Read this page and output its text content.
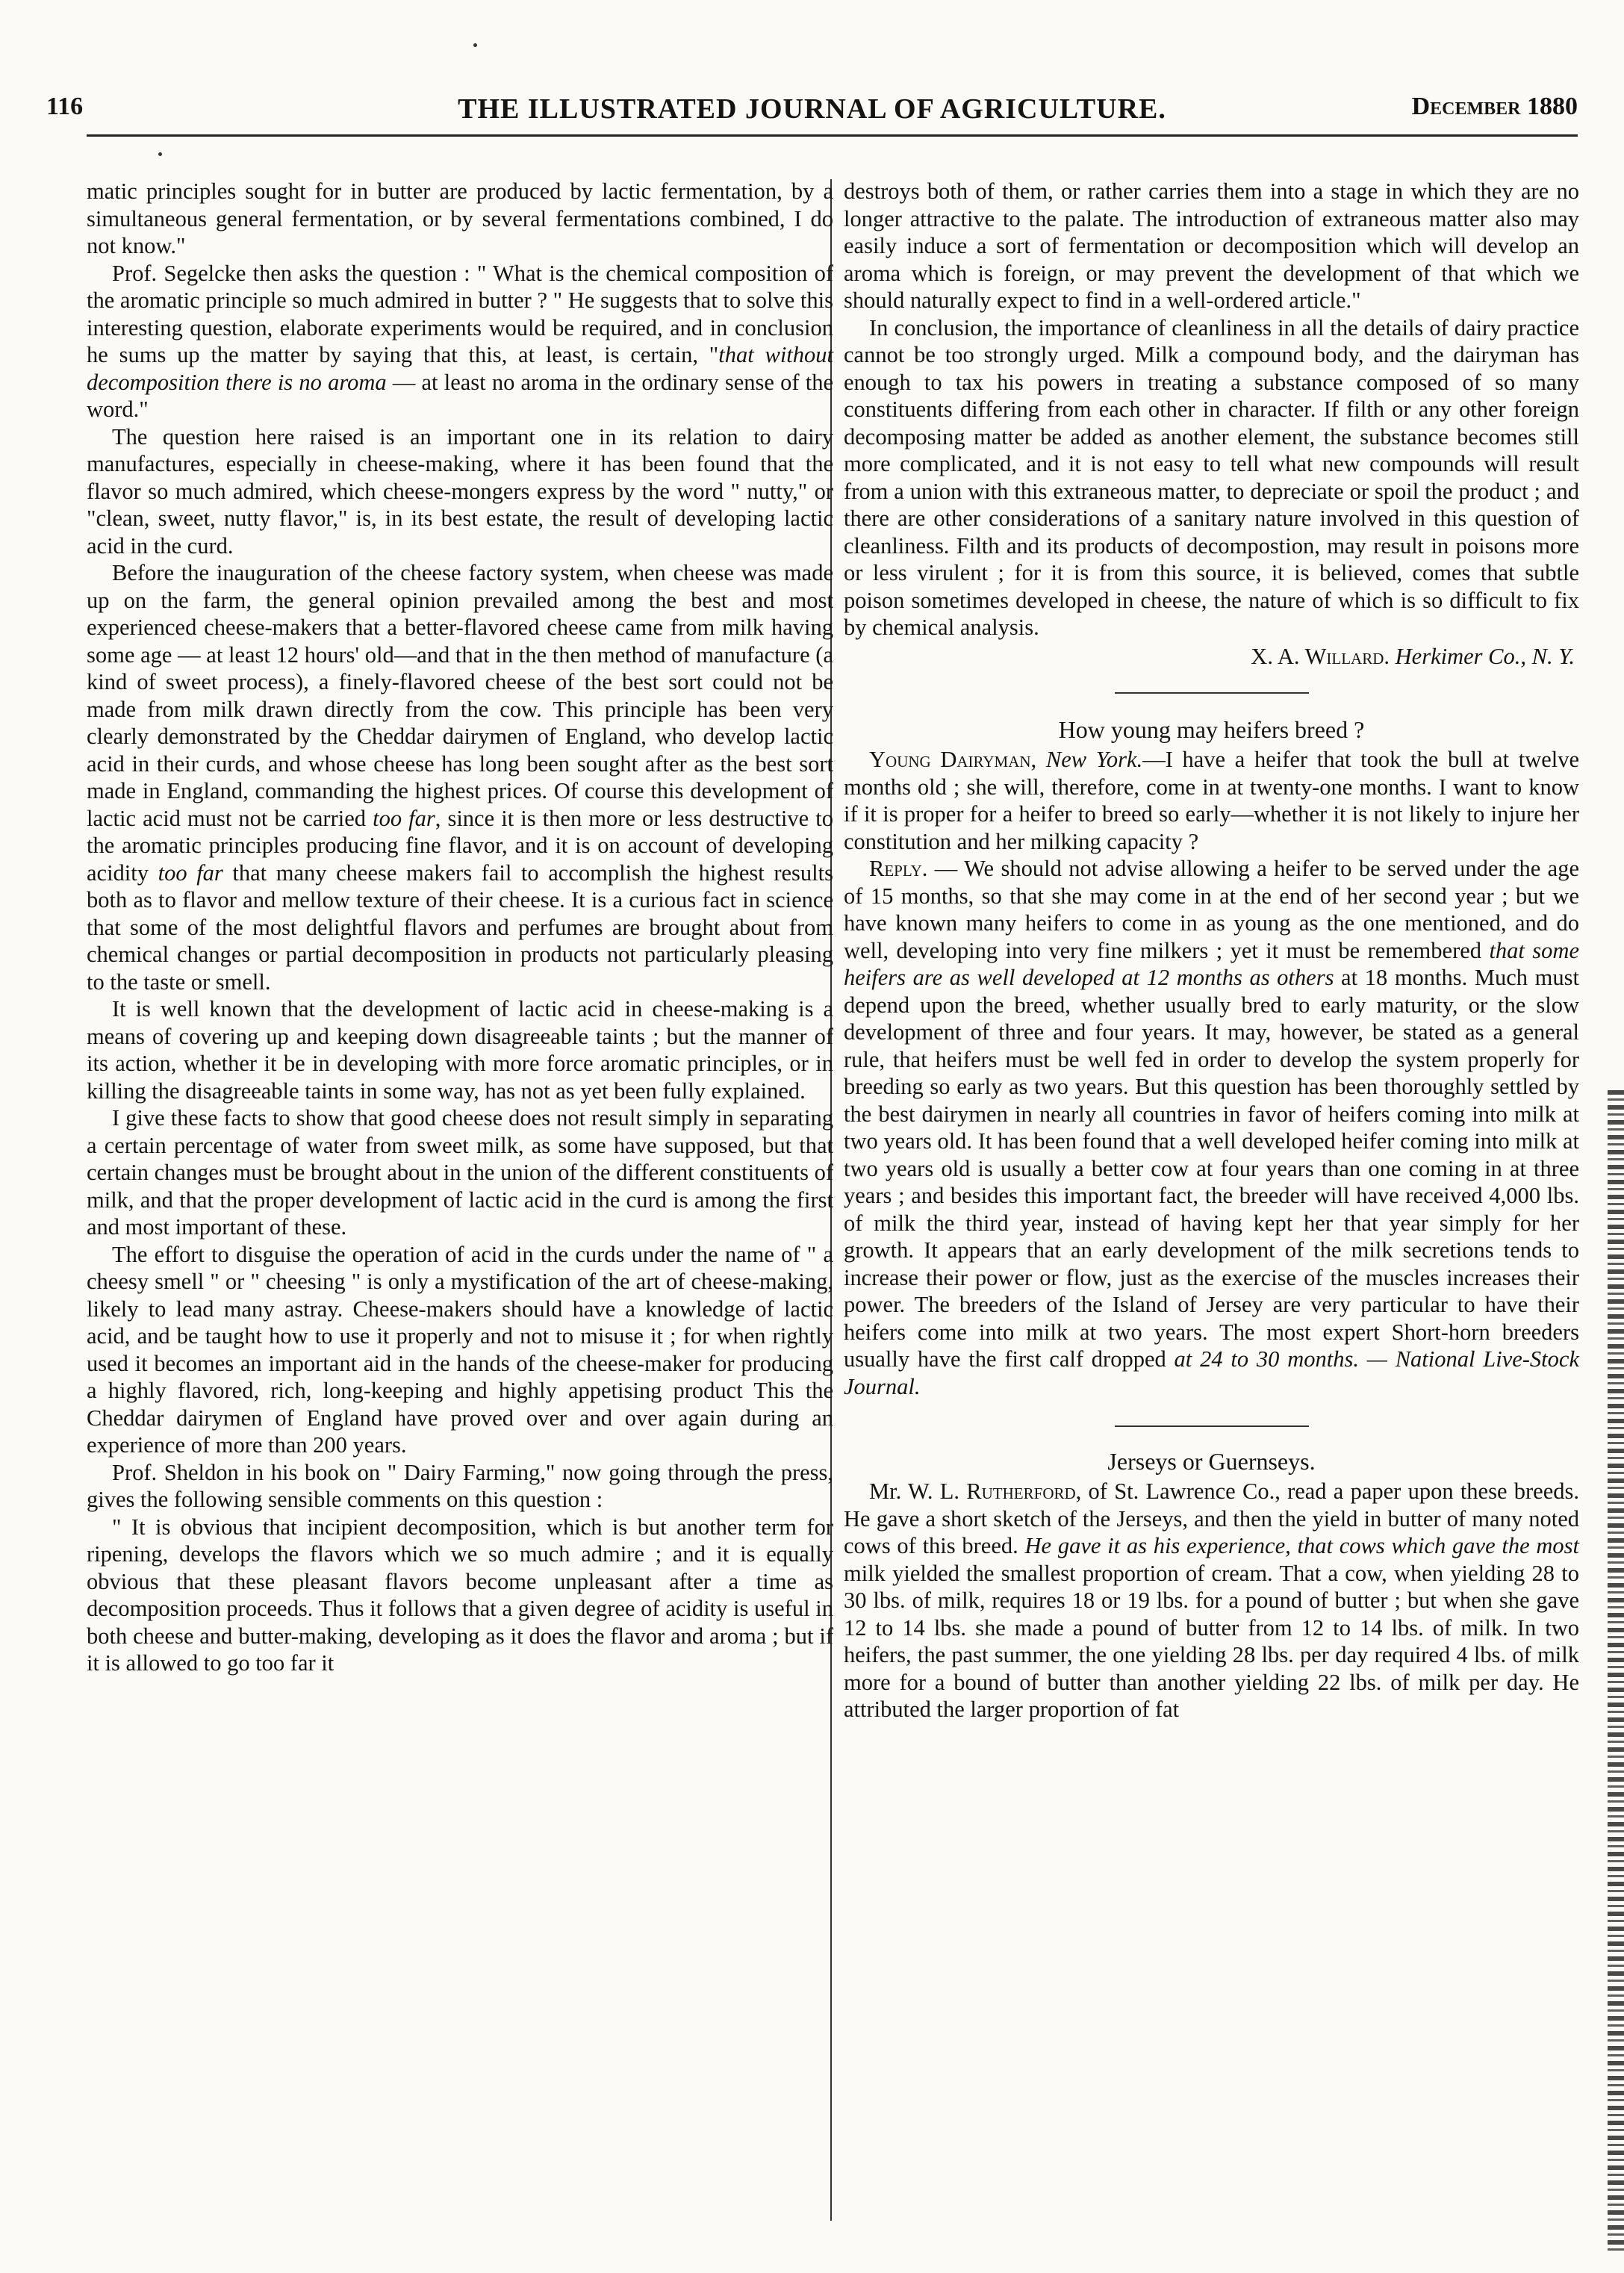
116	THE ILLUSTRATED JOURNAL OF AGRICULTURE.	December 1880

matic principles sought for in butter are produced by lactic fermentation, by a simultaneous general fermentation, or by several fermentations combined, I do not know."

Prof. Segelcke then asks the question : " What is the chemical composition of the aromatic principle so much admired in butter ? " He suggests that to solve this interesting question, elaborate experiments would be required, and in conclusion he sums up the matter by saying that this, at least, is certain, "that without decomposition there is no aroma — at least no aroma in the ordinary sense of the word."

The question here raised is an important one in its relation to dairy manufactures, especially in cheese-making, where it has been found that the flavor so much admired, which cheese-mongers express by the word " nutty," or "clean, sweet, nutty flavor," is, in its best estate, the result of developing lactic acid in the curd.

Before the inauguration of the cheese factory system, when cheese was made up on the farm, the general opinion prevailed among the best and most experienced cheese-makers that a better-flavored cheese came from milk having some age — at least 12 hours' old—and that in the then method of manufacture (a kind of sweet process), a finely-flavored cheese of the best sort could not be made from milk drawn directly from the cow. This principle has been very clearly demonstrated by the Cheddar dairymen of England, who develop lactic acid in their curds, and whose cheese has long been sought after as the best sort made in England, commanding the highest prices. Of course this development of lactic acid must not be carried too far, since it is then more or less destructive to the aromatic principles producing fine flavor, and it is on account of developing acidity too far that many cheese makers fail to accomplish the highest results both as to flavor and mellow texture of their cheese. It is a curious fact in science that some of the most delightful flavors and perfumes are brought about from chemical changes or partial decomposition in products not particularly pleasing to the taste or smell.

It is well known that the development of lactic acid in cheese-making is a means of covering up and keeping down disagreeable taints ; but the manner of its action, whether it be in developing with more force aromatic principles, or in killing the disagreeable taints in some way, has not as yet been fully explained.

I give these facts to show that good cheese does not result simply in separating a certain percentage of water from sweet milk, as some have supposed, but that certain changes must be brought about in the union of the different constituents of milk, and that the proper development of lactic acid in the curd is among the first and most important of these.

The effort to disguise the operation of acid in the curds under the name of " a cheesy smell " or " cheesing " is only a mystification of the art of cheese-making, likely to lead many astray. Cheese-makers should have a knowledge of lactic acid, and be taught how to use it properly and not to misuse it ; for when rightly used it becomes an important aid in the hands of the cheese-maker for producing a highly flavored, rich, long-keeping and highly appetising product This the Cheddar dairymen of England have proved over and over again during an experience of more than 200 years.

Prof. Sheldon in his book on " Dairy Farming," now going through the press, gives the following sensible comments on this question :

" It is obvious that incipient decomposition, which is but another term for ripening, develops the flavors which we so much admire ; and it is equally obvious that these pleasant flavors become unpleasant after a time as decomposition proceeds. Thus it follows that a given degree of acidity is useful in both cheese and butter-making, developing as it does the flavor and aroma ; but if it is allowed to go too far it

destroys both of them, or rather carries them into a stage in which they are no longer attractive to the palate. The introduction of extraneous matter also may easily induce a sort of fermentation or decomposition which will develop an aroma which is foreign, or may prevent the development of that which we should naturally expect to find in a well-ordered article."

In conclusion, the importance of cleanliness in all the details of dairy practice cannot be too strongly urged. Milk a compound body, and the dairyman has enough to tax his powers in treating a substance composed of so many constituents differing from each other in character. If filth or any other foreign decomposing matter be added as another element, the substance becomes still more complicated, and it is not easy to tell what new compounds will result from a union with this extraneous matter, to depreciate or spoil the product ; and there are other considerations of a sanitary nature involved in this question of cleanliness. Filth and its products of decompostion, may result in poisons more or less virulent ; for it is from this source, it is believed, comes that subtle poison sometimes developed in cheese, the nature of which is so difficult to fix by chemical analysis.

X. A. Willard. Herkimer Co., N. Y.

How young may heifers breed ?

Young Dairyman, New York.—I have a heifer that took the bull at twelve months old ; she will, therefore, come in at twenty-one months. I want to know if it is proper for a heifer to breed so early—whether it is not likely to injure her constitution and her milking capacity ?

Reply. — We should not advise allowing a heifer to be served under the age of 15 months, so that she may come in at the end of her second year ; but we have known many heifers to come in as young as the one mentioned, and do well, developing into very fine milkers ; yet it must be remembered that some heifers are as well developed at 12 months as others at 18 months. Much must depend upon the breed, whether usually bred to early maturity, or the slow development of three and four years. It may, however, be stated as a general rule, that heifers must be well fed in order to develop the system properly for breeding so early as two years. But this question has been thoroughly settled by the best dairymen in nearly all countries in favor of heifers coming into milk at two years old. It has been found that a well developed heifer coming into milk at two years old is usually a better cow at four years than one coming in at three years ; and besides this important fact, the breeder will have received 4,000 lbs. of milk the third year, instead of having kept her that year simply for her growth. It appears that an early development of the milk secretions tends to increase their power or flow, just as the exercise of the muscles increases their power. The breeders of the Island of Jersey are very particular to have their heifers come into milk at two years. The most expert Short-horn breeders usually have the first calf dropped at 24 to 30 months. — National Live-Stock Journal.

Jerseys or Guernseys.

Mr. W. L. Rutherford, of St. Lawrence Co., read a paper upon these breeds. He gave a short sketch of the Jerseys, and then the yield in butter of many noted cows of this breed. He gave it as his experience, that cows which gave the most milk yielded the smallest proportion of cream. That a cow, when yielding 28 to 30 lbs. of milk, requires 18 or 19 lbs. for a pound of butter ; but when she gave 12 to 14 lbs. she made a pound of butter from 12 to 14 lbs. of milk. In two heifers, the past summer, the one yielding 28 lbs. per day required 4 lbs. of milk more for a bound of butter than another yielding 22 lbs. of milk per day. He attributed the larger proportion of fat
